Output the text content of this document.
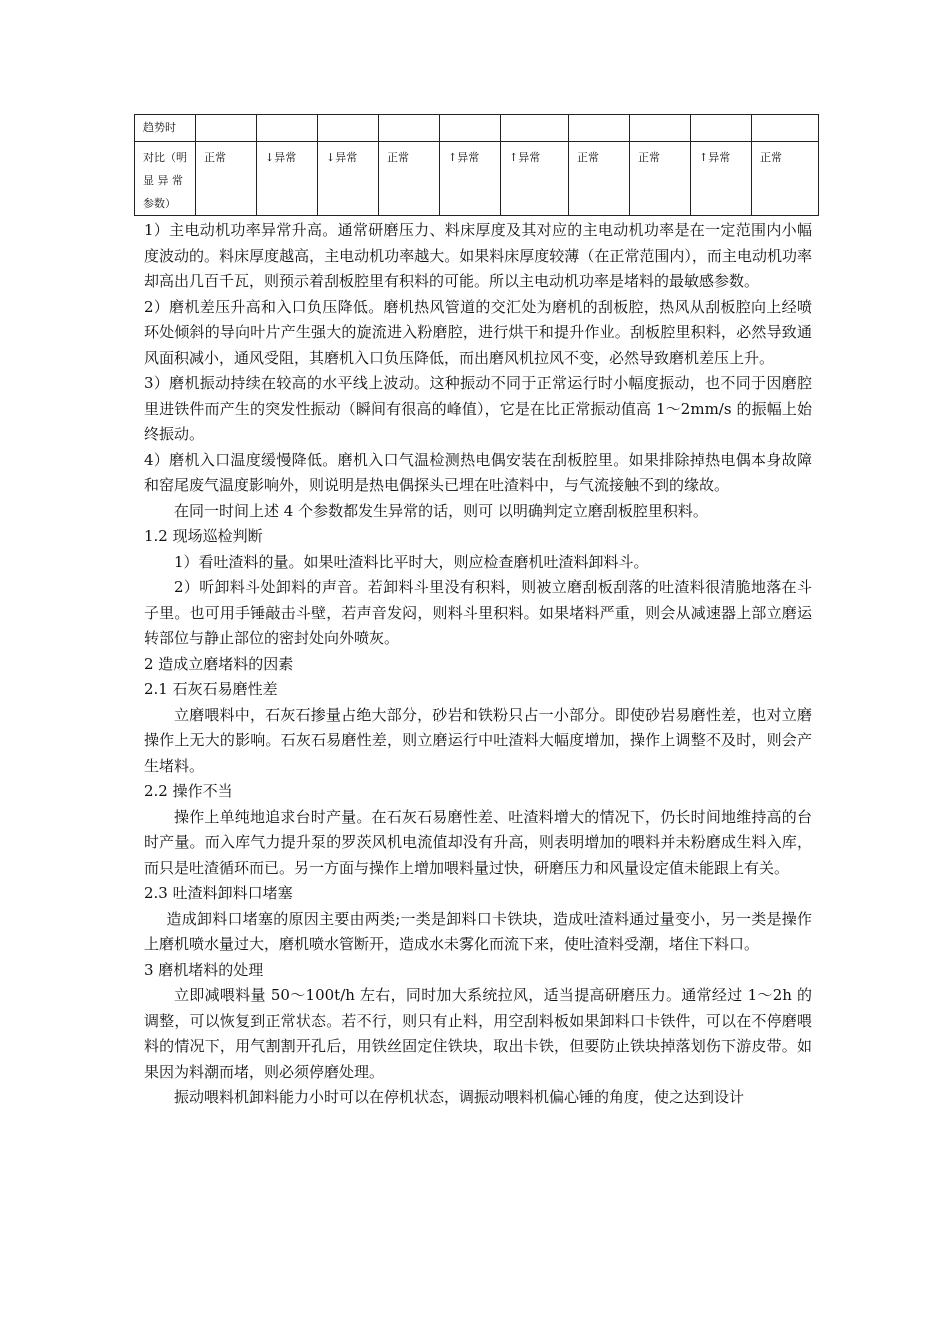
趋势时										
对比（明显 异 常参数）	正常	↓异常	↓异常	正常	↑异常	↑异常	正常	正常	↑异常	正常

1）主电动机功率异常升高。通常研磨压力、料床厚度及其对应的主电动机功率是在一定范围内小幅度波动的。料床厚度越高，主电动机功率越大。如果料床厚度较薄（在正常范围内），而主电动机功率却高出几百千瓦，则预示着刮板腔里有积料的可能。所以主电动机功率是堵料的最敏感参数。

2）磨机差压升高和入口负压降低。磨机热风管道的交汇处为磨机的刮板腔，热风从刮板腔向上经喷环处倾斜的导向叶片产生强大的旋流进入粉磨腔，进行烘干和提升作业。刮板腔里积料，必然导致通风面积减小，通风受阻，其磨机入口负压降低，而出磨风机拉风不变，必然导致磨机差压上升。

3）磨机振动持续在较高的水平线上波动。这种振动不同于正常运行时小幅度振动，也不同于因磨腔里进铁件而产生的突发性振动（瞬间有很高的峰值），它是在比正常振动值高 1～2mm/s 的振幅上始终振动。

4）磨机入口温度缓慢降低。磨机入口气温检测热电偶安装在刮板腔里。如果排除掉热电偶本身故障和窑尾废气温度影响外，则说明是热电偶探头已埋在吐渣料中，与气流接触不到的缘故。

在同一时间上述 4 个参数都发生异常的话，则可 以明确判定立磨刮板腔里积料。

1.2 现场巡检判断

1）看吐渣料的量。如果吐渣料比平时大，则应检查磨机吐渣料卸料斗。

2）听卸料斗处卸料的声音。若卸料斗里没有积料，则被立磨刮板刮落的吐渣料很清脆地落在斗子里。也可用手锤敲击斗壁，若声音发闷，则料斗里积料。如果堵料严重，则会从减速器上部立磨运转部位与静止部位的密封处向外喷灰。

2 造成立磨堵料的因素

2.1 石灰石易磨性差

立磨喂料中，石灰石掺量占绝大部分，砂岩和铁粉只占一小部分。即使砂岩易磨性差，也对立磨操作上无大的影响。石灰石易磨性差，则立磨运行中吐渣料大幅度增加，操作上调整不及时，则会产生堵料。

2.2 操作不当

操作上单纯地追求台时产量。在石灰石易磨性差、吐渣料增大的情况下，仍长时间地维持高的台时产量。而入库气力提升泵的罗茨风机电流值却没有升高，则表明增加的喂料并未粉磨成生料入库，而只是吐渣循环而已。另一方面与操作上增加喂料量过快，研磨压力和风量设定值未能跟上有关。

2.3 吐渣料卸料口堵塞

造成卸料口堵塞的原因主要由两类;一类是卸料口卡铁块，造成吐渣料通过量变小，另一类是操作上磨机喷水量过大，磨机喷水管断开，造成水未雾化而流下来，使吐渣料受潮，堵住下料口。

3 磨机堵料的处理

立即减喂料量 50～100t/h 左右，同时加大系统拉风，适当提高研磨压力。通常经过 1～2h 的调整，可以恢复到正常状态。若不行，则只有止料，用空刮料板如果卸料口卡铁件，可以在不停磨喂料的情况下，用气割割开孔后，用铁丝固定住铁块，取出卡铁，但要防止铁块掉落划伤下游皮带。如果因为料潮而堵，则必须停磨处理。

振动喂料机卸料能力小时可以在停机状态，调振动喂料机偏心锤的角度，使之达到设计
